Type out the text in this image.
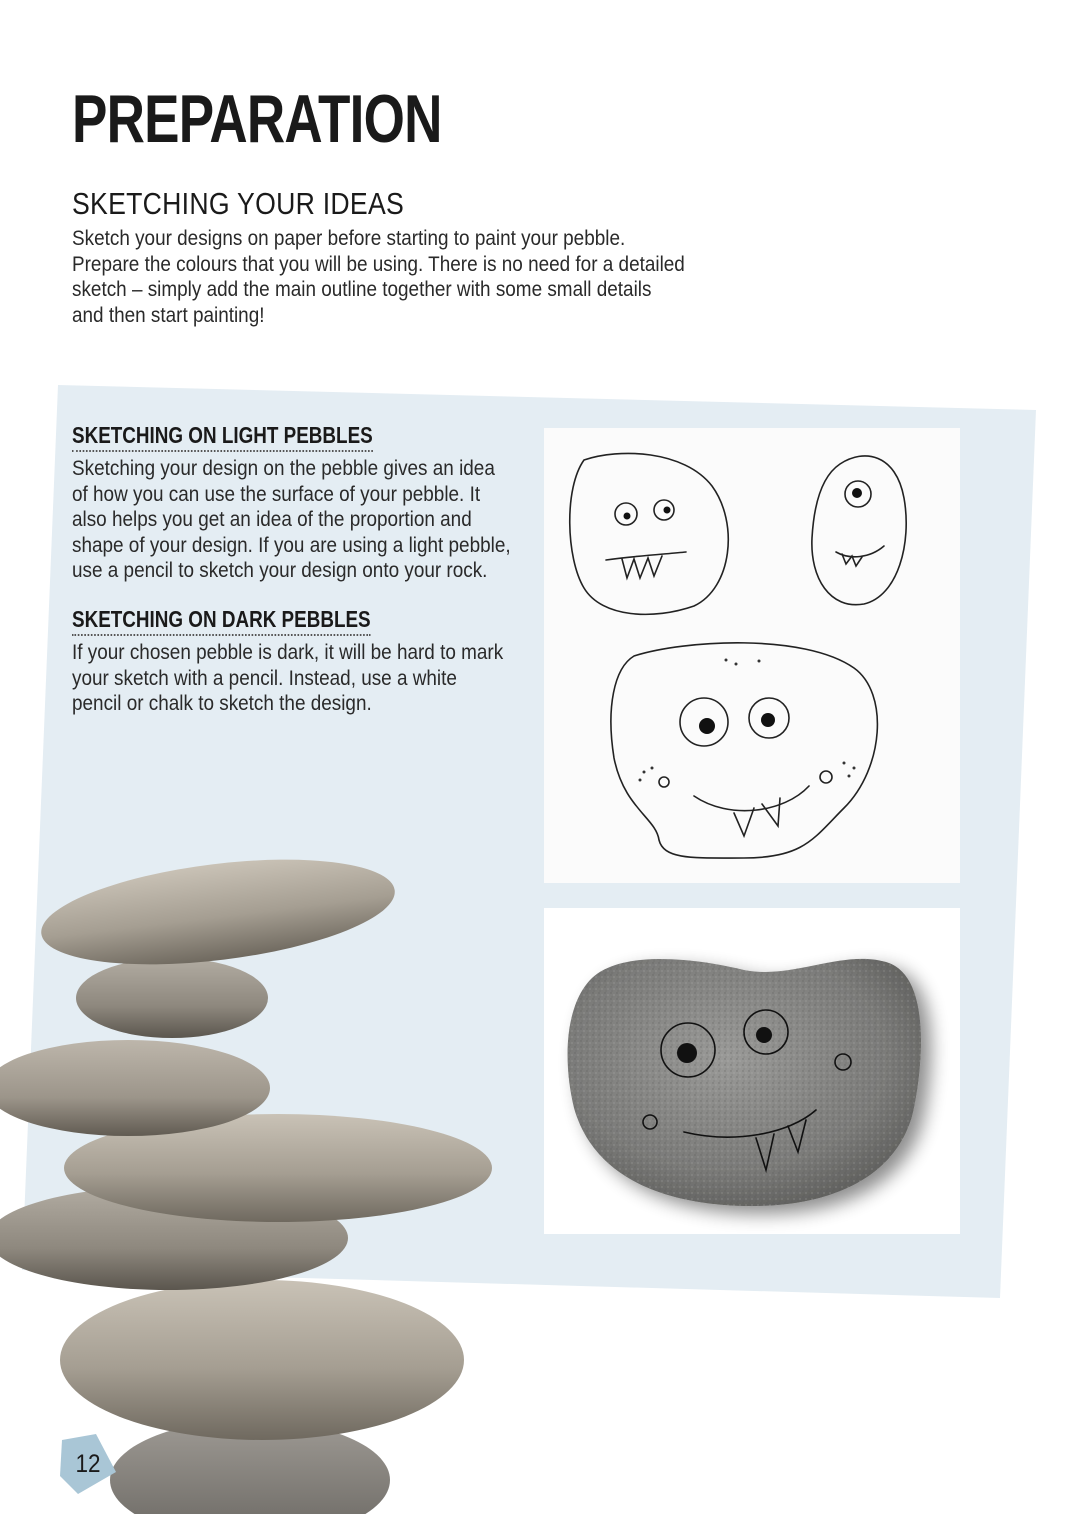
PREPARATION
SKETCHING YOUR IDEAS

Sketch your designs on paper before starting to paint your pebble.
Prepare the colours that you will be using. There is no need for a detailed
sketch – simply add the main outline together with some small details
and then start painting!

SKETCHING ON LIGHT PEBBLES

Sketching your design on the pebble gives an idea
of how you can use the surface of your pebble. It
also helps you get an idea of the proportion and
shape of your design. If you are using a light pebble,
use a pencil to sketch your design onto your rock.

SKETCHING ON DARK PEBBLES

If your chosen pebble is dark, it will be hard to mark
your sketch with a pencil. Instead, use a white
pencil or chalk to sketch the design.

12
